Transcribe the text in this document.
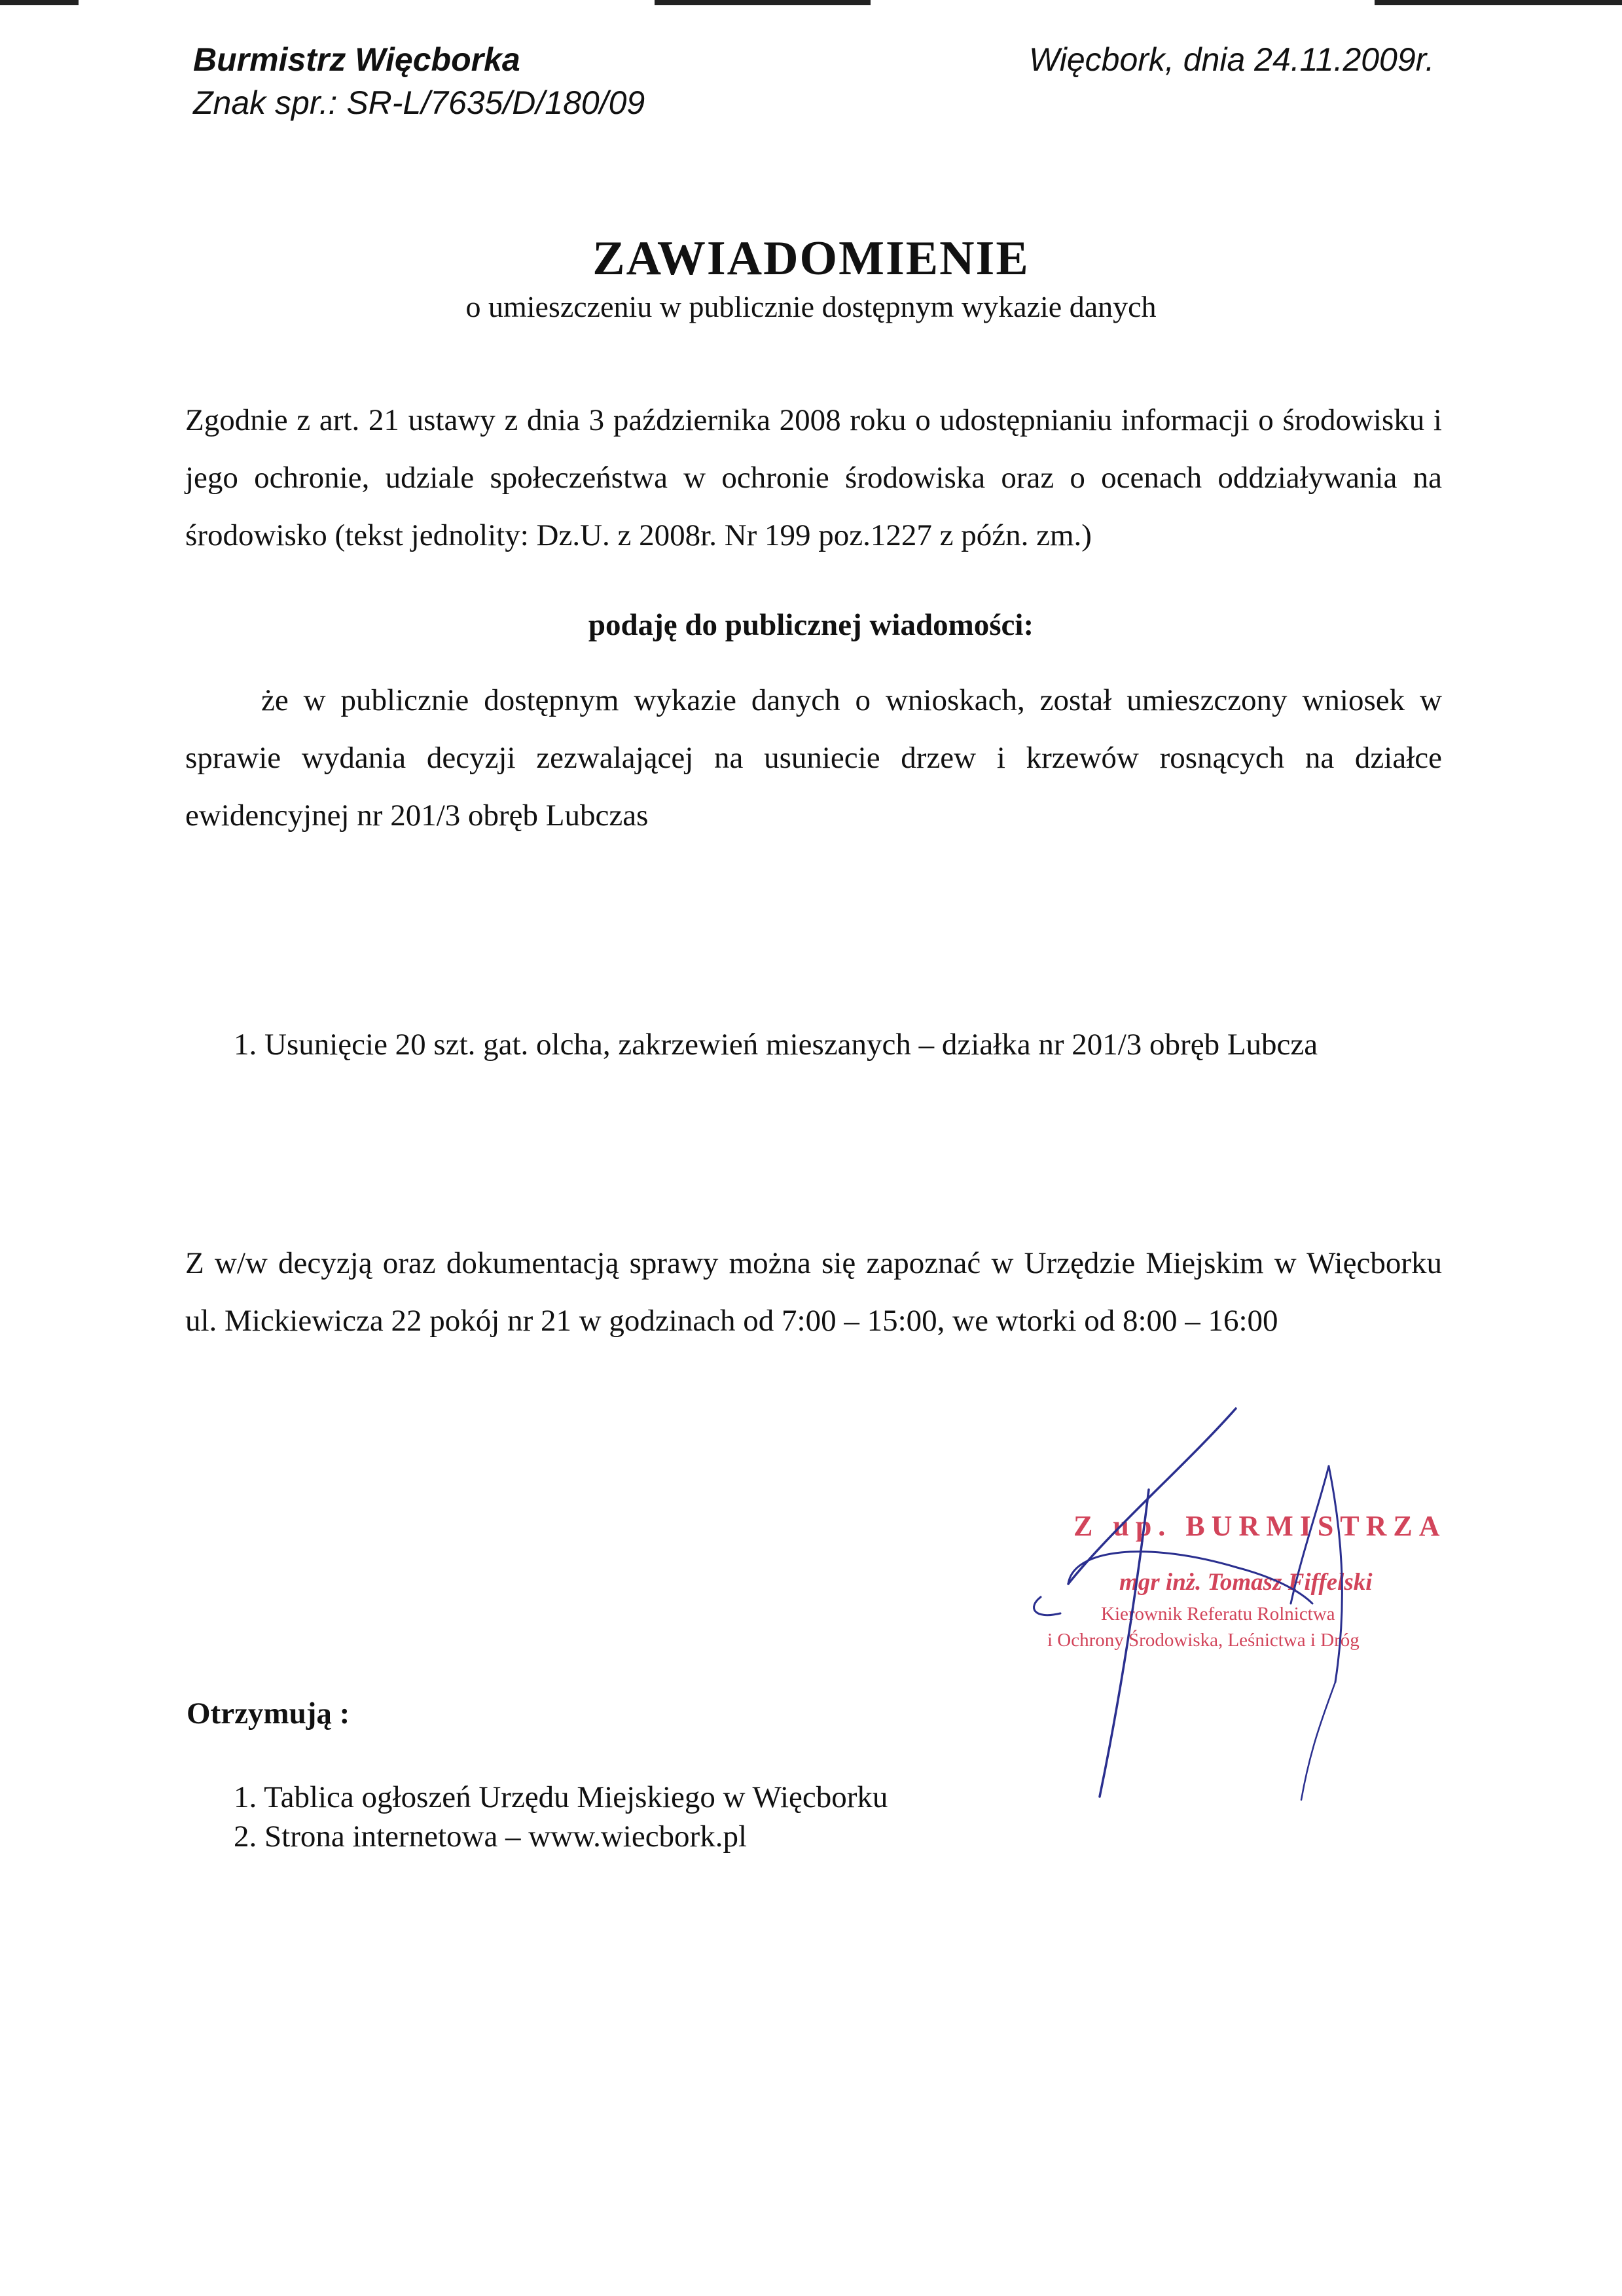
Burmistrz Więcborka
Znak spr.: SR-L/7635/D/180/09
Więcbork, dnia 24.11.2009r.
ZAWIADOMIENIE
o umieszczeniu w publicznie dostępnym wykazie danych
Zgodnie z art. 21 ustawy z dnia 3 października 2008 roku o udostępnianiu informacji o środowisku i jego ochronie, udziale społeczeństwa w ochronie środowiska oraz o ocenach oddziaływania na środowisko (tekst jednolity: Dz.U. z 2008r. Nr 199 poz.1227 z późn. zm.)
podaję do publicznej wiadomości:
że w publicznie dostępnym wykazie danych o wnioskach, został umieszczony wniosek w sprawie wydania decyzji zezwalającej na usuniecie drzew i krzewów rosnących na działce ewidencyjnej nr 201/3 obręb Lubczas
1. Usunięcie 20 szt. gat. olcha, zakrzewień mieszanych – działka nr 201/3 obręb Lubcza
Z w/w decyzją oraz dokumentacją sprawy można się zapoznać w Urzędzie Miejskim w Więcborku ul. Mickiewicza 22 pokój nr 21 w godzinach od 7:00 – 15:00, we wtorki od 8:00 – 16:00
Z up. BURMISTRZA
mgr inż. Tomasz Fiffelski
Kierownik Referatu Rolnictwa
i Ochrony Środowiska, Leśnictwa i Dróg
Otrzymują :
1. Tablica ogłoszeń Urzędu Miejskiego w Więcborku
2. Strona internetowa – www.wiecbork.pl
